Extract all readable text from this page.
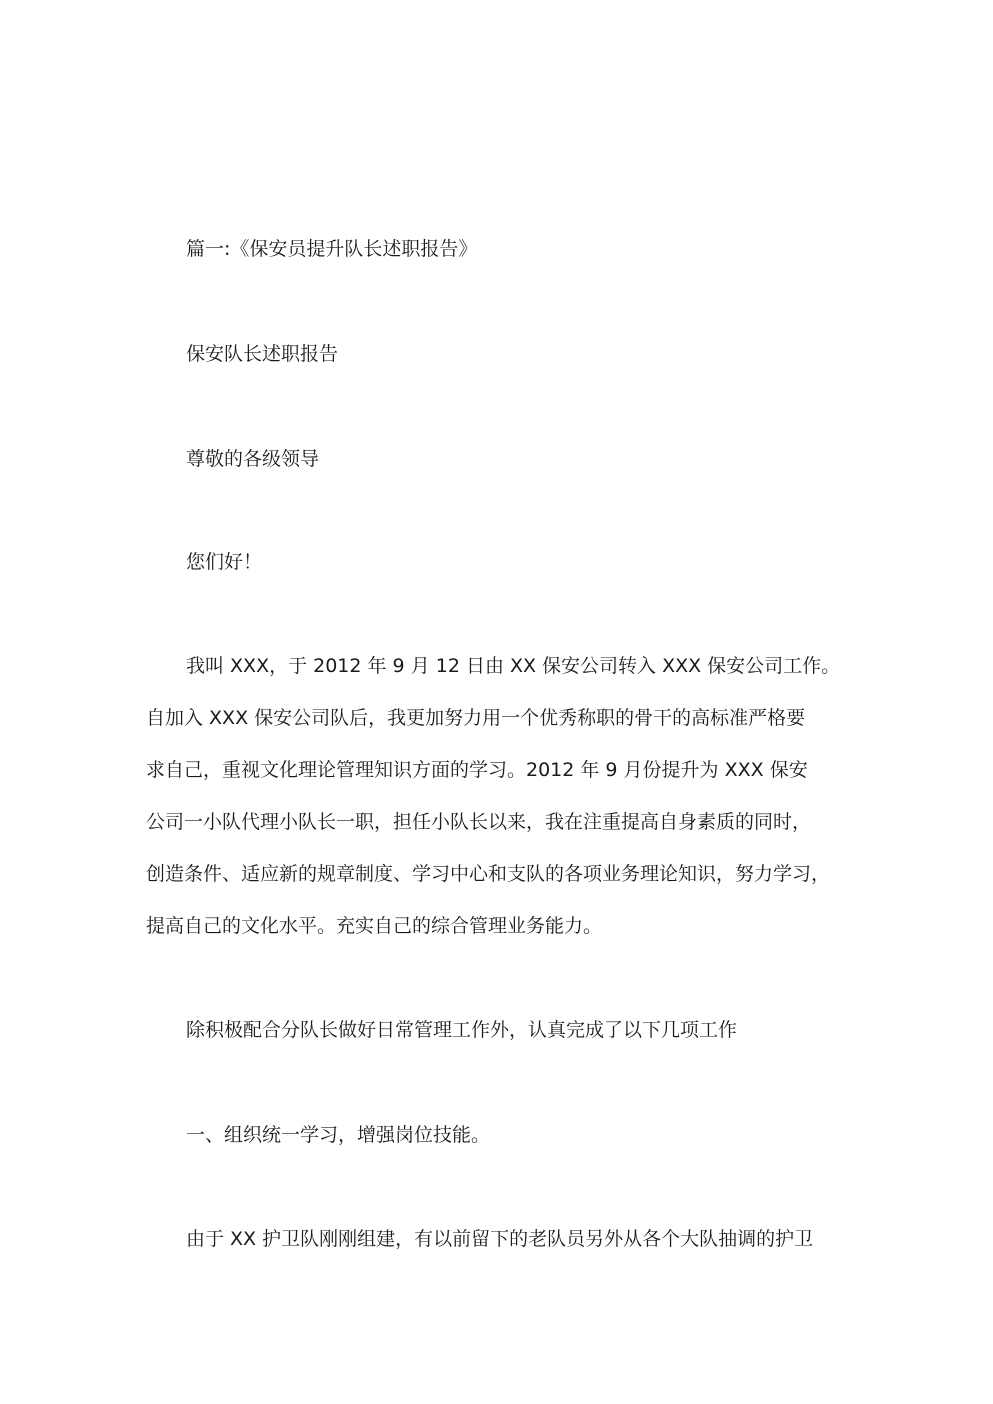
篇一:《保安员提升队长述职报告》
保安队长述职报告
尊敬的各级领导
您们好！
我叫 XXX，于 2012 年 9 月 12 日由 XX 保安公司转入 XXX 保安公司工作。
自加入 XXX 保安公司队后，我更加努力用一个优秀称职的骨干的高标准严格要
求自己，重视文化理论管理知识方面的学习。2012 年 9 月份提升为 XXX 保安
公司一小队代理小队长一职，担任小队长以来，我在注重提高自身素质的同时，
创造条件、适应新的规章制度、学习中心和支队的各项业务理论知识，努力学习，
提高自己的文化水平。充实自己的综合管理业务能力。
除积极配合分队长做好日常管理工作外，认真完成了以下几项工作
一、组织统一学习，增强岗位技能。
由于 XX 护卫队刚刚组建，有以前留下的老队员另外从各个大队抽调的护卫
